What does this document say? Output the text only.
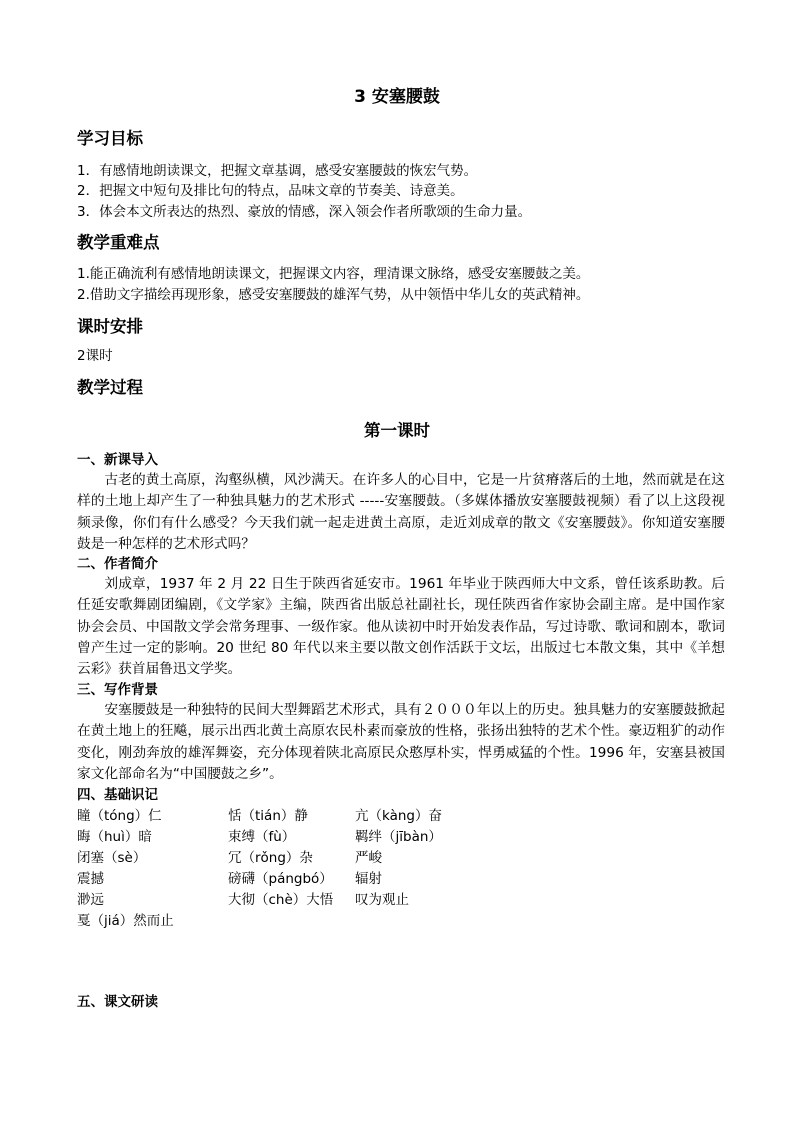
3 安塞腰鼓
学习目标
1．有感情地朗读课文，把握文章基调，感受安塞腰鼓的恢宏气势。
2．把握文中短句及排比句的特点，品味文章的节奏美、诗意美。
3．体会本文所表达的热烈、豪放的情感，深入领会作者所歌颂的生命力量。
教学重难点
1.能正确流利有感情地朗读课文，把握课文内容，理清课文脉络，感受安塞腰鼓之美。
2.借助文字描绘再现形象，感受安塞腰鼓的雄浑气势，从中领悟中华儿女的英武精神。
课时安排
2课时
教学过程
第一课时
一、新课导入
古老的黄土高原，沟壑纵横，风沙满天。在许多人的心目中，它是一片贫瘠落后的土地，然而就是在这样的土地上却产生了一种独具魅力的艺术形式 -----安塞腰鼓。（多媒体播放安塞腰鼓视频）看了以上这段视频录像，你们有什么感受？今天我们就一起走进黄土高原，走近刘成章的散文《安塞腰鼓》。你知道安塞腰鼓是一种怎样的艺术形式吗？
二、作者简介
刘成章，1937 年 2 月 22 日生于陕西省延安市。1961 年毕业于陕西师大中文系，曾任该系助教。后任延安歌舞剧团编剧，《文学家》主编，陕西省出版总社副社长，现任陕西省作家协会副主席。是中国作家协会会员、中国散文学会常务理事、一级作家。他从读初中时开始发表作品，写过诗歌、歌词和剧本，歌词曾产生过一定的影响。20 世纪 80 年代以来主要以散文创作活跃于文坛，出版过七本散文集，其中《羊想云彩》获首届鲁迅文学奖。
三、写作背景
安塞腰鼓是一种独特的民间大型舞蹈艺术形式，具有２０００年以上的历史。独具魅力的安塞腰鼓掀起在黄土地上的狂飚，展示出西北黄土高原农民朴素而豪放的性格，张扬出独特的艺术个性。豪迈粗犷的动作变化，刚劲奔放的雄浑舞姿，充分体现着陕北高原民众憨厚朴实，悍勇威猛的个性。1996 年，安塞县被国家文化部命名为“中国腰鼓之乡”。
四、基础识记
瞳（tóng）仁	恬（tián）静	亢（kàng）奋
晦（huì）暗	束缚（fù）	羁绊（jībàn）
闭塞（sè）	冗（rǒng）杂	严峻
震撼	磅礴（pángbó）	辐射
渺远	大彻（chè）大悟	叹为观止
戛（jiá）然而止
五、课文研读
